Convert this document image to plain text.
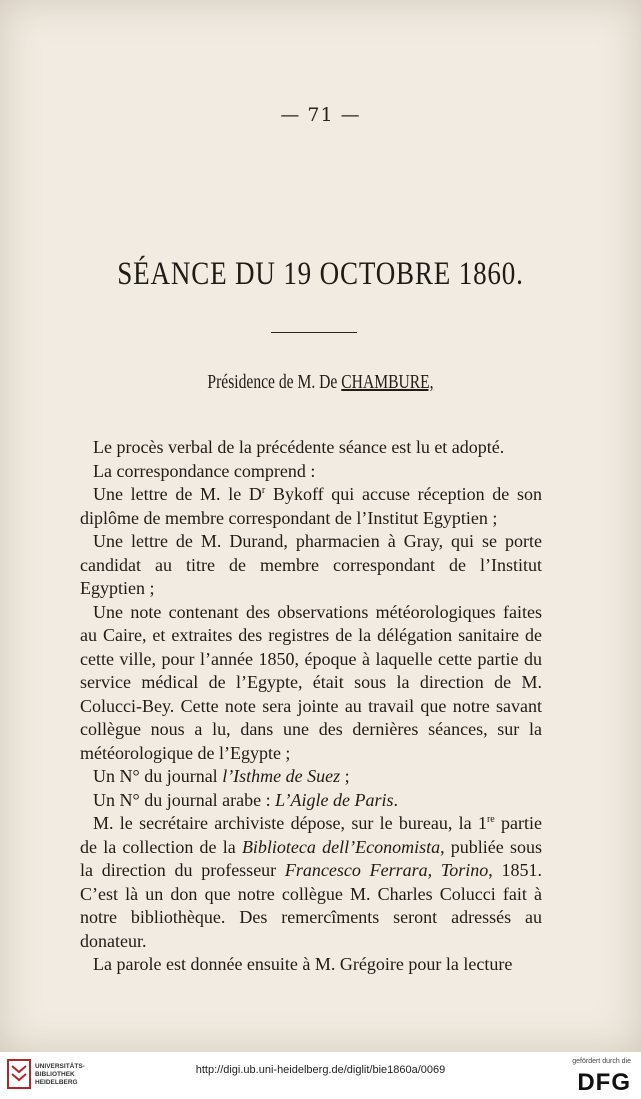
— 71 —
SÉANCE DU 19 OCTOBRE 1860.
Présidence de M. De CHAMBURE,

Le procès verbal de la précédente séance est lu et adopté.

La correspondance comprend :

Une lettre de M. le $D^r$ Bykoff qui accuse réception de son diplôme de membre correspondant de l’Institut Egyptien ;

Une lettre de M. Durand, pharmacien à Gray, qui se porte candidat au titre de membre correspondant de l’Institut Egyptien ;

Une note contenant des observations météorologiques faites au Caire, et extraites des registres de la délégation sanitaire de cette ville, pour l’année 1850, époque à laquelle cette partie du service médical de l’Egypte, était sous la direction de M. Colucci-Bey. Cette note sera jointe au travail que notre savant collègue nous a lu, dans une des dernières séances, sur la météorologique de l’Egypte ;

Un N° du journal l’Isthme de Suez ;

Un N° du journal arabe : L’Aigle de Paris.

M. le secrétaire archiviste dépose, sur le bureau, la 1re partie de la collection de la Biblioteca dell’Economista, publiée sous la direction du professeur Francesco Ferrara, Torino, 1851. C’est là un don que notre collègue M. Charles Colucci fait à notre bibliothèque. Des remercîments seront adressés au donateur.

La parole est donnée ensuite à M. Grégoire pour la lecture

UNIVERSITÄTS-
BIBLIOTHEK
HEIDELBERG
http://digi.ub.uni-heidelberg.de/diglit/bie1860a/0069
gefördert durch die
DFG
